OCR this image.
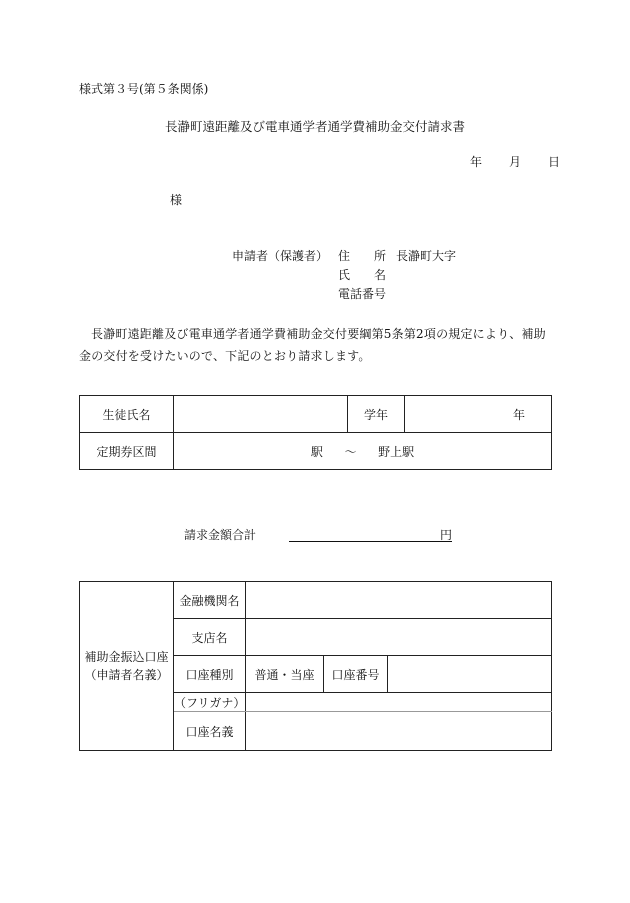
様式第３号(第５条関係)
長瀞町遠距離及び電車通学者通学費補助金交付請求書
年 月 日
様
申請者（保護者） 住　　所 長瀞町大字
氏　　名
電話番号
長瀞町遠距離及び電車通学者通学費補助金交付要綱第5条第2項の規定により、補助金の交付を受けたいので、下記のとおり請求します。
生徒氏名		学年	年
定期券区間	駅 ～ 野上駅		
請求金額合計	円
補助金振込口座
（申請者名義）	金融機関名			
	支店名			
	口座種別	普通・当座	口座番号	
	（フリガナ）			
	口座名義			
